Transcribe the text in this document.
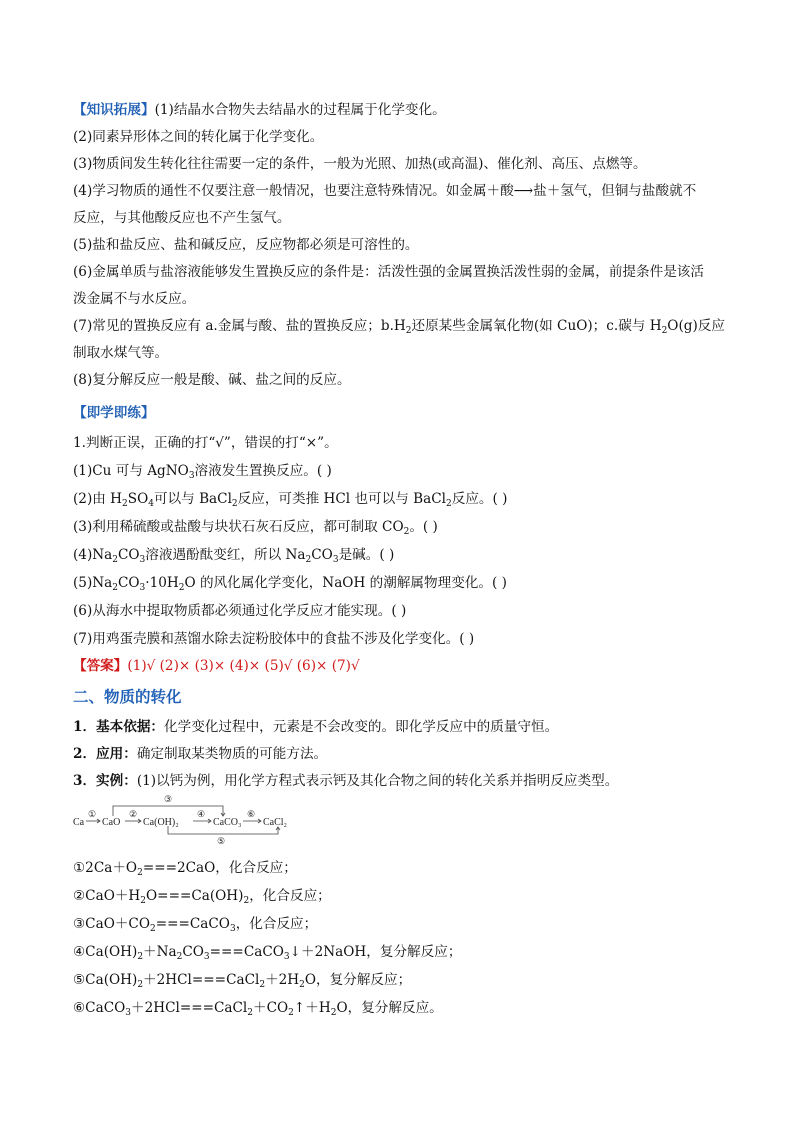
【知识拓展】(1)结晶水合物失去结晶水的过程属于化学变化。
(2)同素异形体之间的转化属于化学变化。
(3)物质间发生转化往往需要一定的条件，一般为光照、加热(或高温)、催化剂、高压、点燃等。
(4)学习物质的通性不仅要注意一般情况，也要注意特殊情况。如金属＋酸⟶盐＋氢气，但铜与盐酸就不
反应，与其他酸反应也不产生氢气。
(5)盐和盐反应、盐和碱反应，反应物都必须是可溶性的。
(6)金属单质与盐溶液能够发生置换反应的条件是：活泼性强的金属置换活泼性弱的金属，前提条件是该活
泼金属不与水反应。
(7)常见的置换反应有 a.金属与酸、盐的置换反应；$b.H_2$还原某些金属氧化物(如 CuO)；c.碳与 $H_2O(g)$反应
制取水煤气等。
(8)复分解反应一般是酸、碱、盐之间的反应。
【即学即练】
1.判断正误，正确的打“√”，错误的打“×”。
(1)Cu 可与 AgNO$_3$溶液发生置换反应。( )
(2)由 $H_2SO_4$可以与 BaCl$_2$反应，可类推 HCl 也可以与 BaCl$_2$反应。( )
(3)利用稀硫酸或盐酸与块状石灰石反应，都可制取 $CO_2$。( )
$(4)Na_2CO_3$溶液遇酚酞变红，所以 $Na_2CO_3$是碱。( )
$(5)Na_2CO_3\cdot 10H_2O$ 的风化属化学变化，NaOH 的潮解属物理变化。( )
(6)从海水中提取物质都必须通过化学反应才能实现。( )
(7)用鸡蛋壳膜和蒸馏水除去淀粉胶体中的食盐不涉及化学变化。( )
【答案】(1)√ (2)× (3)× (4)× (5)√ (6)× (7)√
二、物质的转化
1．基本依据：化学变化过程中，元素是不会改变的。即化学反应中的质量守恒。
2．应用：确定制取某类物质的可能方法。
3．实例：(1)以钙为例，用化学方程式表示钙及其化合物之间的转化关系并指明反应类型。
Ca CaO Ca(OH)₂	CaCO₃ CaCl₂
①	②
③
④
⑤
⑥
$①2Ca+O_2===2CaO$，化合反应；
$②CaO+H_2O===Ca(OH)_2$，化合反应；
$③CaO+CO_2===CaCO_3$，化合反应；
$④Ca(OH)_2+Na_2CO_3===CaCO_3↓+2NaOH$，复分解反应；
$⑤Ca(OH)_2+2HCl===CaCl_2+2H_2O$，复分解反应；
$⑥CaCO_3+2HCl===CaCl_2+CO_2↑+H_2O$，复分解反应。
